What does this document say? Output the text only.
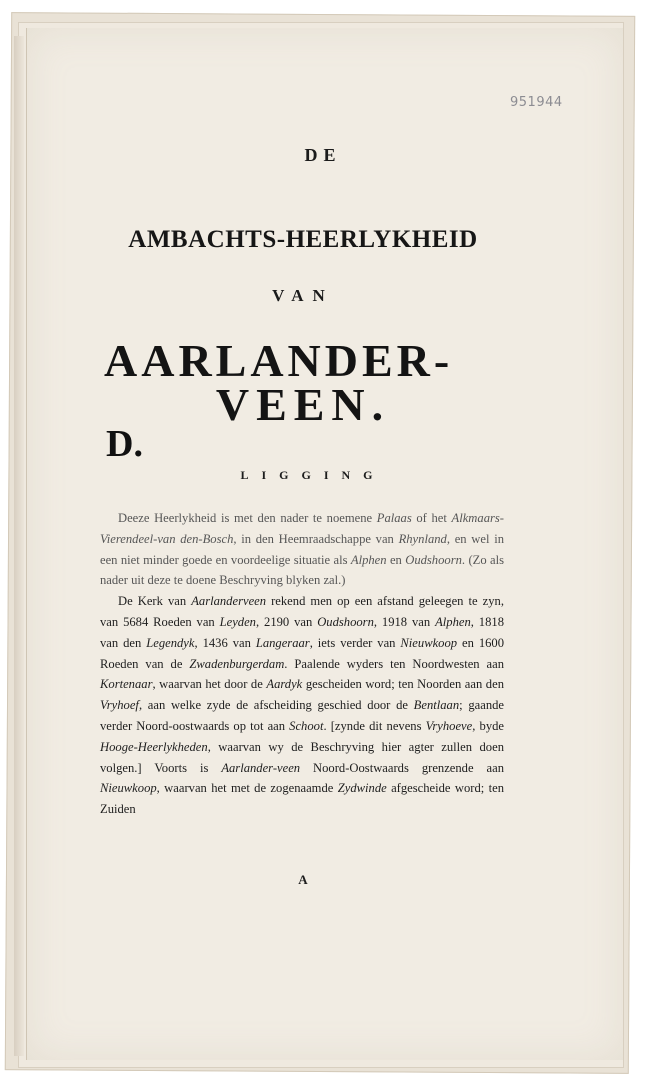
951944
DE
AMBACHTS-HEERLYKHEID
VAN
AARLANDER-
VEEN.
D.
LIGGING

Deeze Heerlykheid is met den nader te noemene Palaas of het Alkmaars-Vierendeel-van den-Bosch, in den Heemraadschappe van Rhynland, en wel in een niet minder goede en voordeelige situatie als Alphen en Oudshoorn. (Zo als nader uit deze te doene Beschryving blyken zal.)

De Kerk van Aarlanderveen rekend men op een afstand geleegen te zyn, van 5684 Roeden van Leyden, 2190 van Oudshoorn, 1918 van Alphen, 1818 van den Legendyk, 1436 van Langeraar, iets verder van Nieuwkoop en 1600 Roeden van de Zwadenburgerdam. Paalende wyders ten Noordwesten aan Kortenaar, waarvan het door de Aardyk gescheiden word; ten Noorden aan den Vryhoef, aan welke zyde de afscheiding geschied door de Bentlaan; gaande verder Noord-oostwaards op tot aan Schoot. [zynde dit nevens Vryhoeve, byde Hooge-Heerlykheden, waarvan wy de Beschryving hier agter zullen doen volgen.] Voorts is Aarlander-veen Noord-Oostwaards grenzende aan Nieuwkoop, waarvan het met de zogenaamde Zydwinde afgescheide word; ten Zuiden

A
